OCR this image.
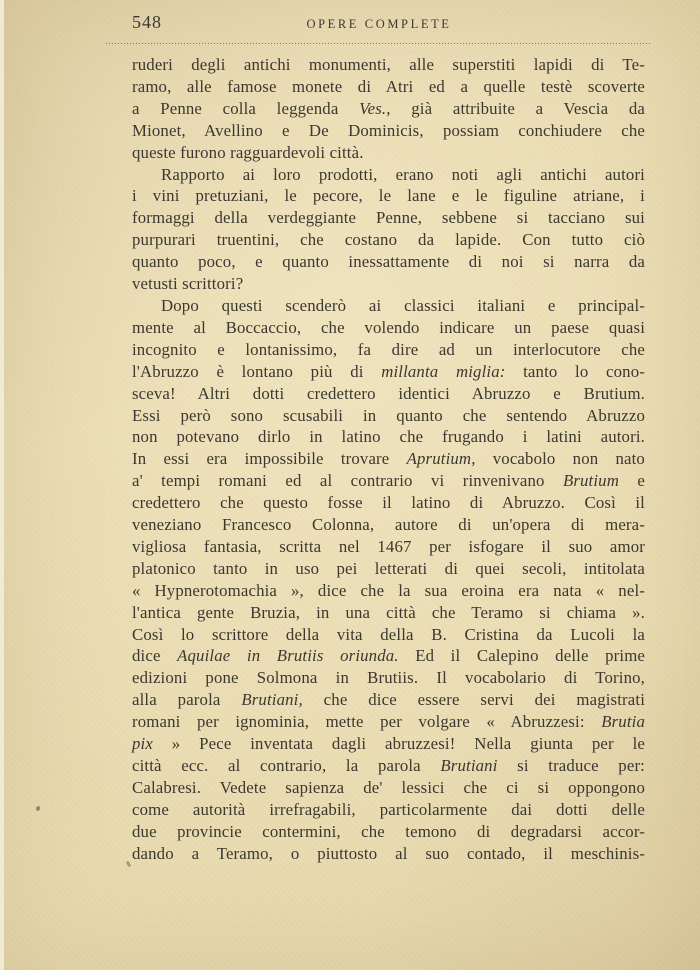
548	OPERE COMPLETE
ruderi degli antichi monumenti, alle superstiti lapidi di Te-
ramo, alle famose monete di Atri ed a quelle testè scoverte
a Penne colla leggenda Ves., già attribuite a Vescia da
Mionet, Avellino e De Dominicis, possiam conchiudere che
queste furono ragguardevoli città.
Rapporto ai loro prodotti, erano noti agli antichi autori
i vini pretuziani, le pecore, le lane e le figuline atriane, i
formaggi della verdeggiante Penne, sebbene si tacciano sui
purpurari truentini, che costano da lapide. Con tutto ciò
quanto poco, e quanto inessattamente di noi si narra da
vetusti scrittori?
Dopo questi scenderò ai classici italiani e principal-
mente al Boccaccio, che volendo indicare un paese quasi
incognito e lontanissimo, fa dire ad un interlocutore che
l'Abruzzo è lontano più di millanta miglia: tanto lo cono-
sceva! Altri dotti credettero identici Abruzzo e Brutium.
Essi però sono scusabili in quanto che sentendo Abruzzo
non potevano dirlo in latino che frugando i latini autori.
In essi era impossibile trovare Aprutium, vocabolo non nato
a' tempi romani ed al contrario vi rinvenivano Brutium e
credettero che questo fosse il latino di Abruzzo. Così il
veneziano Francesco Colonna, autore di un'opera di mera-
vigliosa fantasia, scritta nel 1467 per isfogare il suo amor
platonico tanto in uso pei letterati di quei secoli, intitolata
« Hypnerotomachia », dice che la sua eroina era nata « nel-
l'antica gente Bruzia, in una città che Teramo si chiama ».
Così lo scrittore della vita della B. Cristina da Lucoli la
dice Aquilae in Brutiis oriunda. Ed il Calepino delle prime
edizioni pone Solmona in Brutiis. Il vocabolario di Torino,
alla parola Brutiani, che dice essere servi dei magistrati
romani per ignominia, mette per volgare « Abruzzesi: Brutia
pix » Pece inventata dagli abruzzesi! Nella giunta per le
città ecc. al contrario, la parola Brutiani si traduce per:
Calabresi. Vedete sapienza de' lessici che ci si oppongono
come autorità irrefragabili, particolarmente dai dotti delle
due provincie contermini, che temono di degradarsi accor-
dando a Teramo, o piuttosto al suo contado, il meschinis-
